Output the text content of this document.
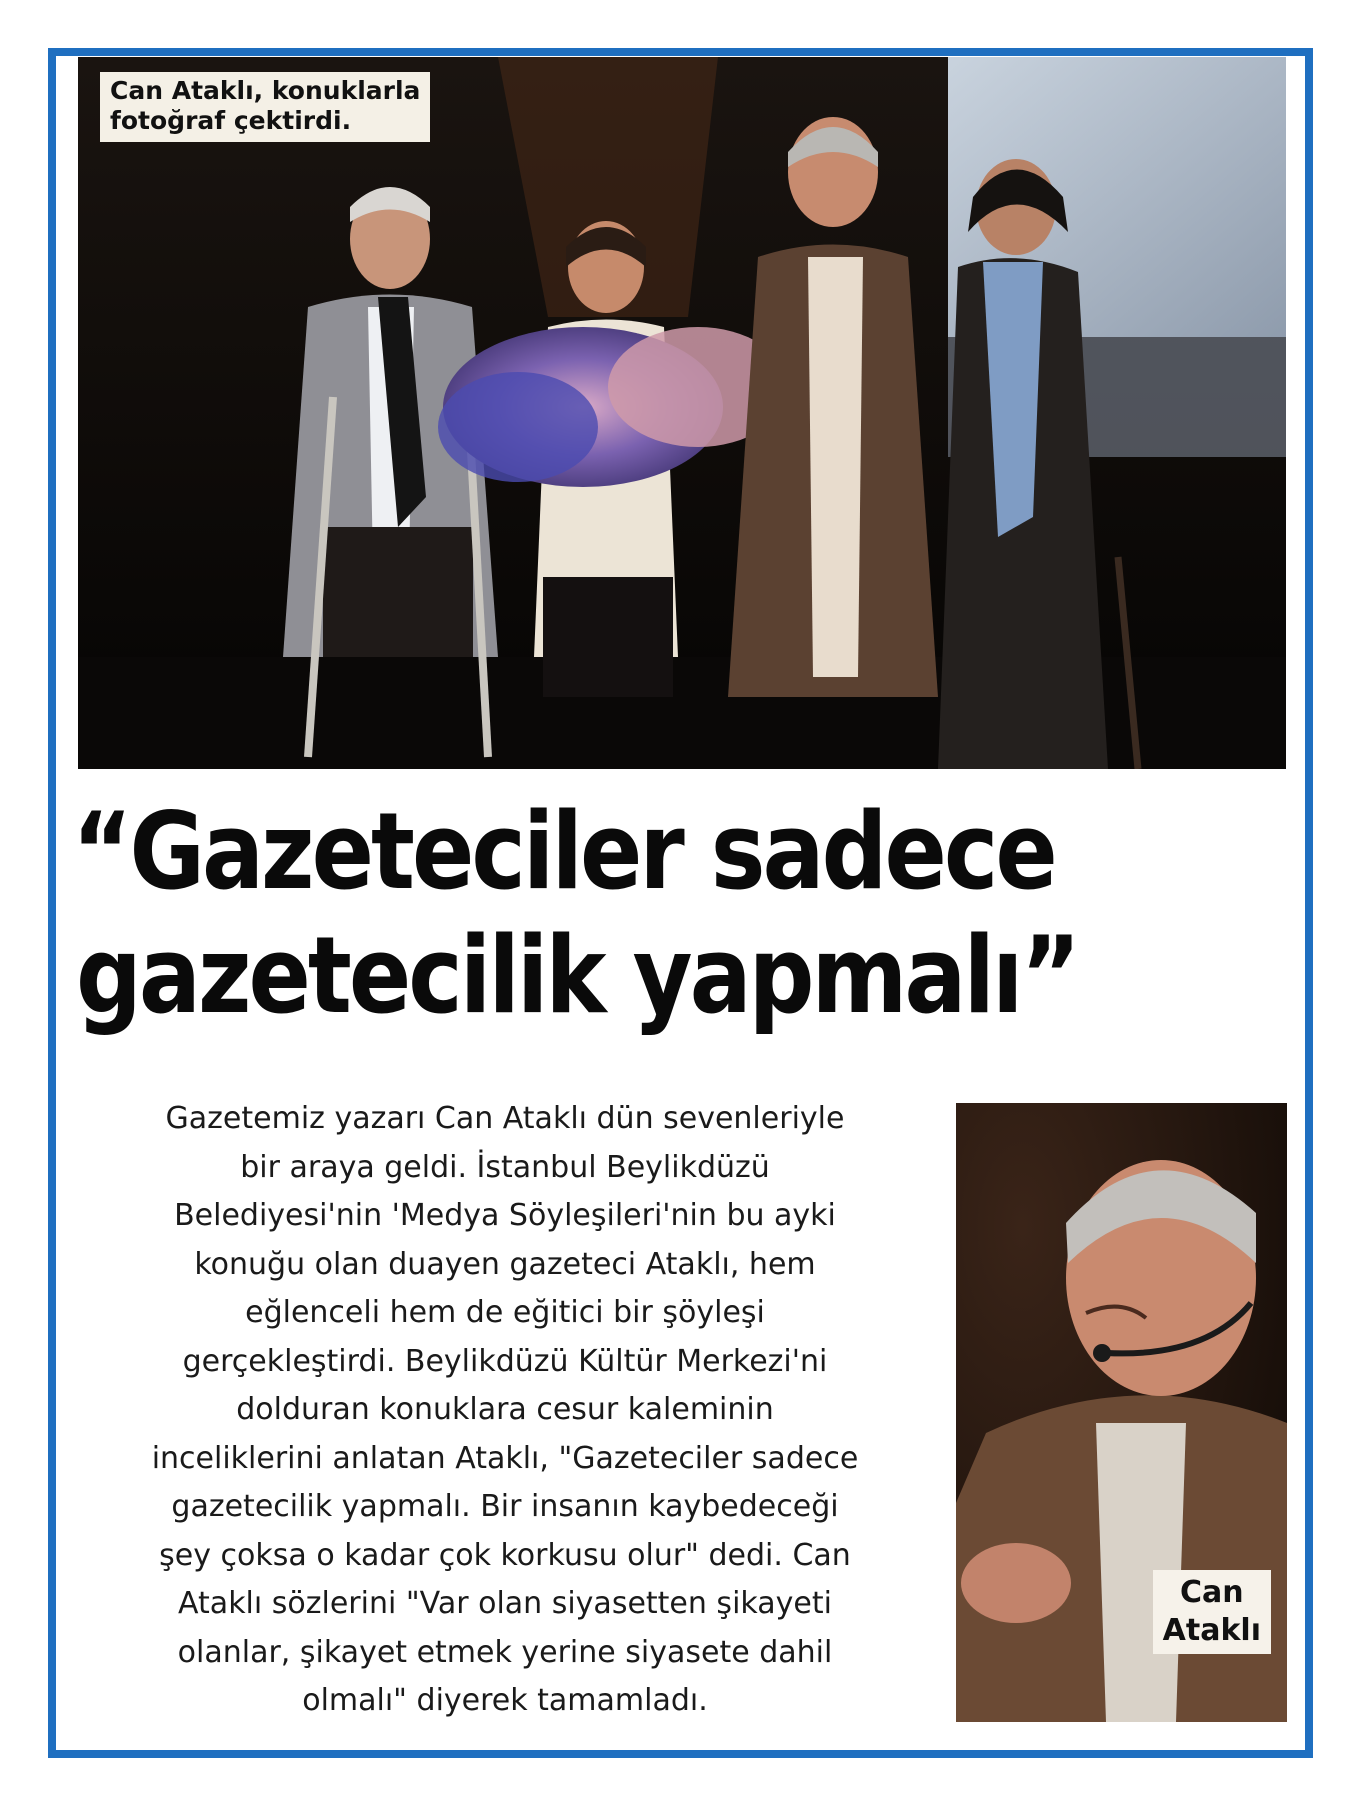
Can Ataklı, konuklarla
fotoğraf çektirdi.
“Gazeteciler sadece
gazetecilik yapmalı”
Gazetemiz yazarı Can Ataklı dün sevenleriyle
bir araya geldi. İstanbul Beylikdüzü
Belediyesi'nin 'Medya Söyleşileri'nin bu ayki
konuğu olan duayen gazeteci Ataklı, hem
eğlenceli hem de eğitici bir şöyleşi
gerçekleştirdi. Beylikdüzü Kültür Merkezi'ni
dolduran konuklara cesur kaleminin
inceliklerini anlatan Ataklı, "Gazeteciler sadece
gazetecilik yapmalı. Bir insanın kaybedeceği
şey çoksa o kadar çok korkusu olur" dedi. Can
Ataklı sözlerini "Var olan siyasetten şikayeti
olanlar, şikayet etmek yerine siyasete dahil
olmalı" diyerek tamamladı.
Can
Ataklı
